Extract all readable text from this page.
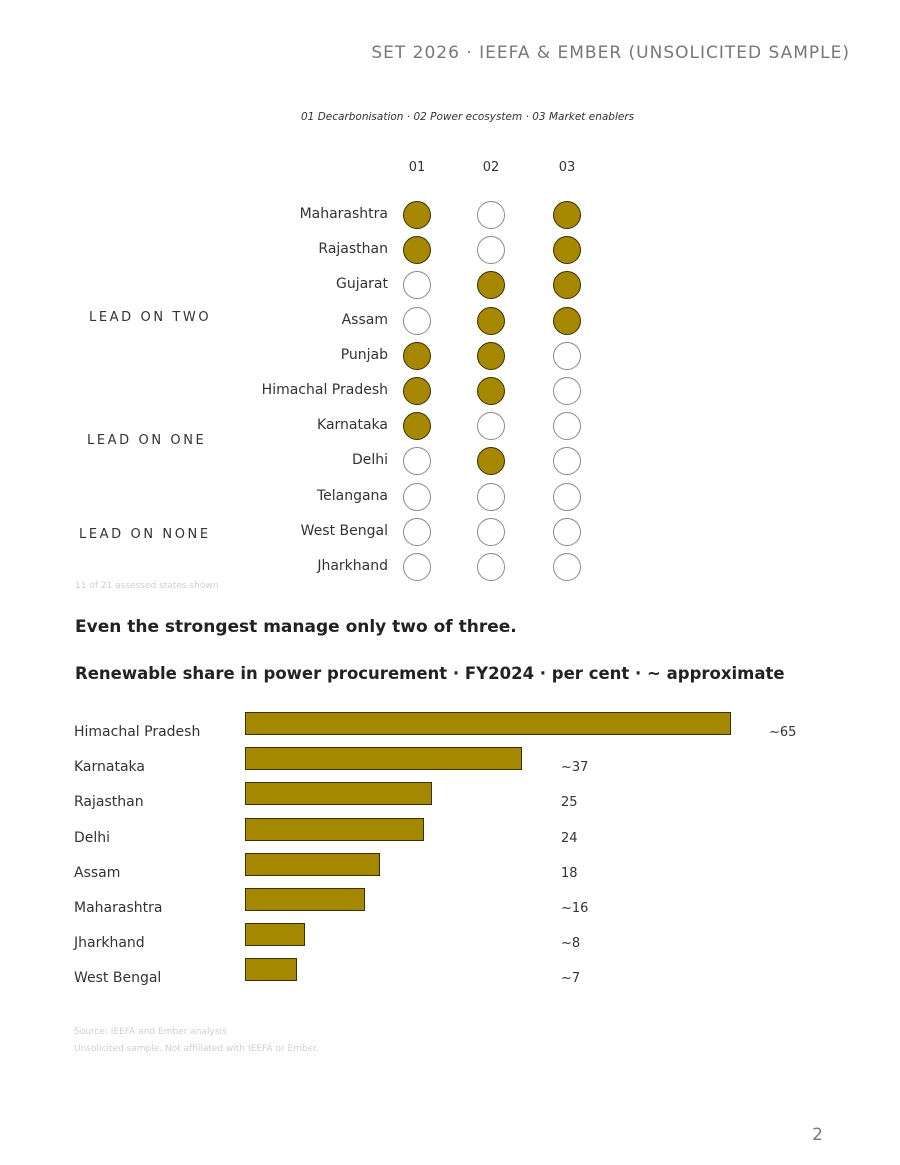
SET 2026 · IEEFA & EMBER (UNSOLICITED SAMPLE)
01 Decarbonisation · 02 Power ecosystem · 03 Market enablers
01	02	03
Maharashtra
Rajasthan
Gujarat
Assam
Punjab
Himachal Pradesh
Karnataka
Delhi
Telangana
West Bengal
Jharkhand
LEAD ON TWO
LEAD ON ONE
LEAD ON NONE
11 of 21 assessed states shown
Even the strongest manage only two of three.
Renewable share in power procurement · FY2024 · per cent · ~ approximate
Himachal Pradesh	~65
Karnataka	~37
Rajasthan	25
Delhi	24
Assam	18
Maharashtra	~16
Jharkhand	~8
West Bengal	~7
Source: IEEFA and Ember analysis
Unsolicited sample. Not affiliated with IEEFA or Ember.
2
